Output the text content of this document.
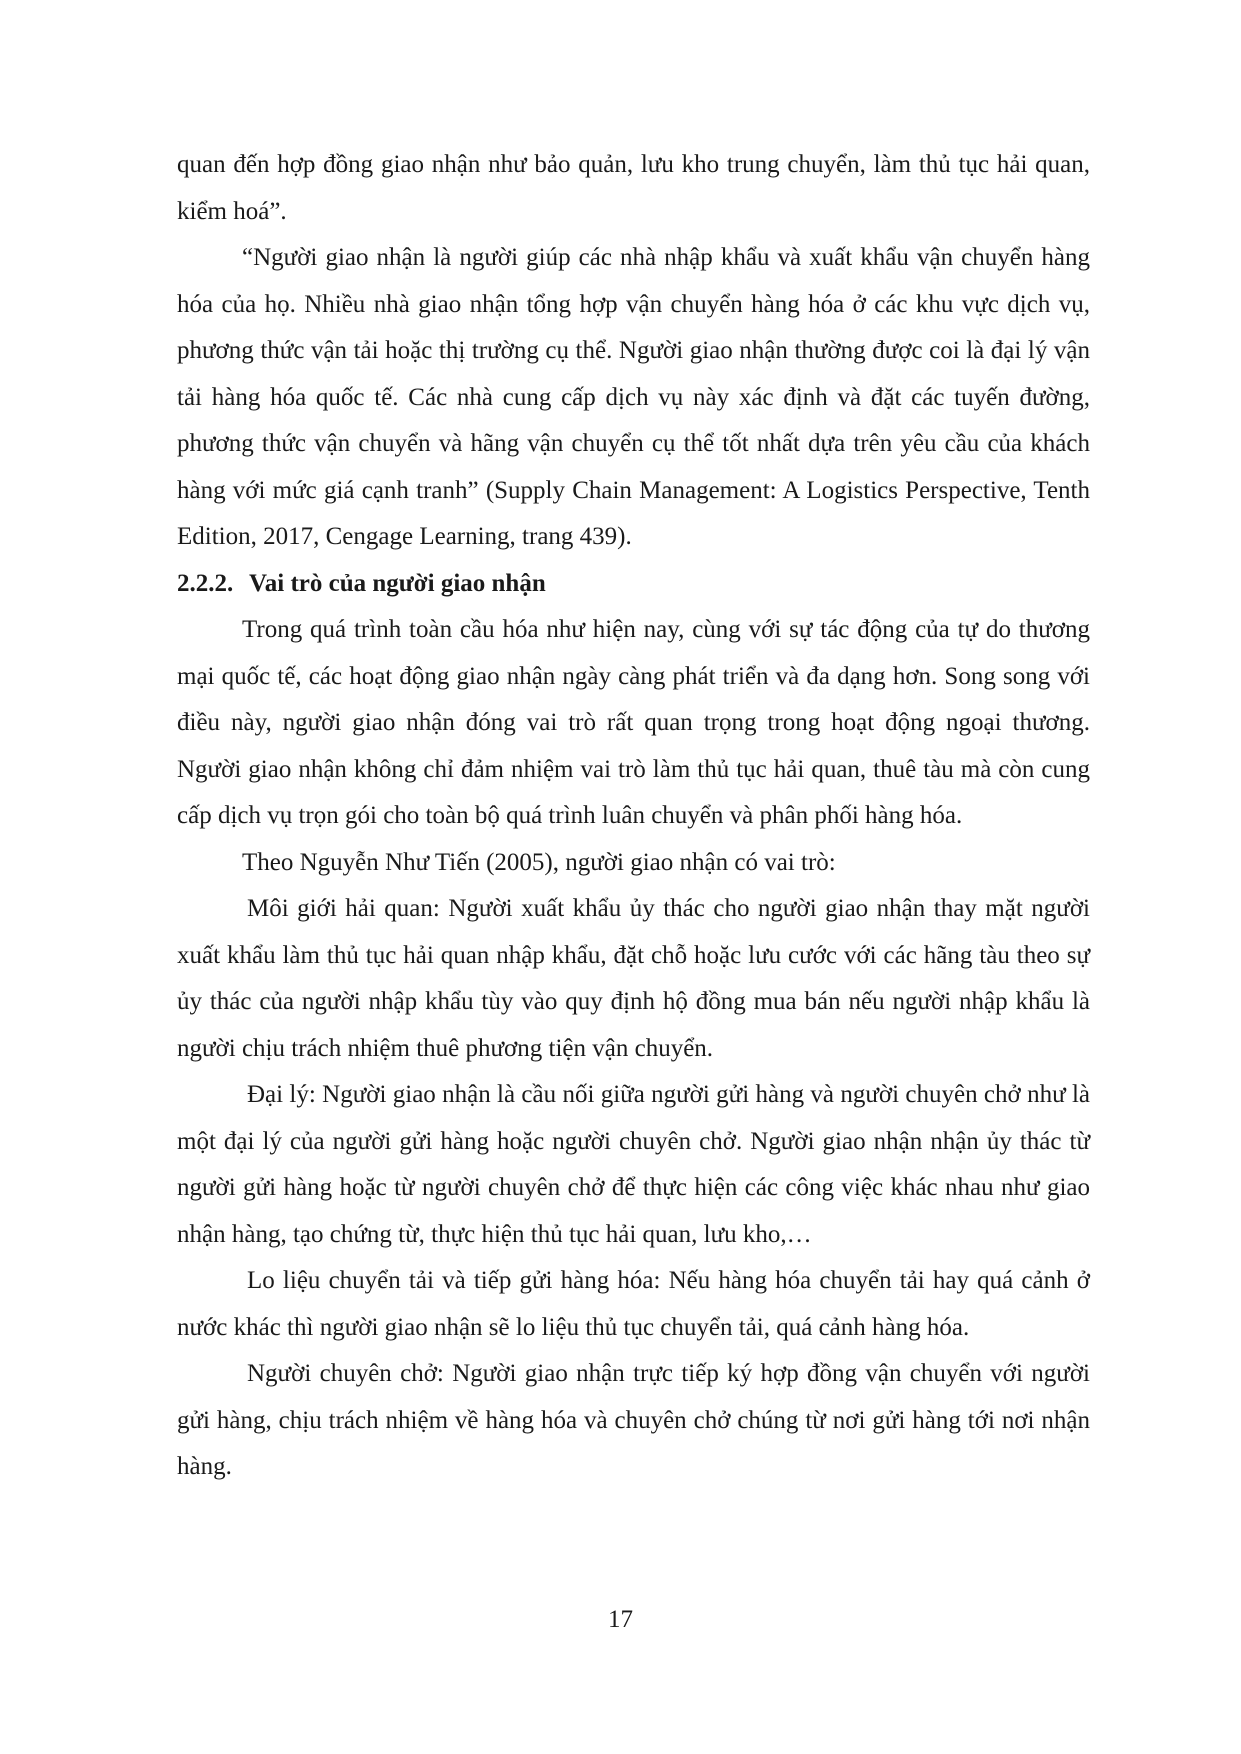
quan đến hợp đồng giao nhận như bảo quản, lưu kho trung chuyển, làm thủ tục hải quan, kiểm hoá”.

“Người giao nhận là người giúp các nhà nhập khẩu và xuất khẩu vận chuyển hàng hóa của họ. Nhiều nhà giao nhận tổng hợp vận chuyển hàng hóa ở các khu vực dịch vụ, phương thức vận tải hoặc thị trường cụ thể. Người giao nhận thường được coi là đại lý vận tải hàng hóa quốc tế. Các nhà cung cấp dịch vụ này xác định và đặt các tuyến đường, phương thức vận chuyển và hãng vận chuyển cụ thể tốt nhất dựa trên yêu cầu của khách hàng với mức giá cạnh tranh” (Supply Chain Management: A Logistics Perspective, Tenth Edition, 2017, Cengage Learning, trang 439).

2.2.2. Vai trò của người giao nhận

Trong quá trình toàn cầu hóa như hiện nay, cùng với sự tác động của tự do thương mại quốc tế, các hoạt động giao nhận ngày càng phát triển và đa dạng hơn. Song song với điều này, người giao nhận đóng vai trò rất quan trọng trong hoạt động ngoại thương. Người giao nhận không chỉ đảm nhiệm vai trò làm thủ tục hải quan, thuê tàu mà còn cung cấp dịch vụ trọn gói cho toàn bộ quá trình luân chuyển và phân phối hàng hóa.

Theo Nguyễn Như Tiến (2005), người giao nhận có vai trò:

Môi giới hải quan: Người xuất khẩu ủy thác cho người giao nhận thay mặt người xuất khẩu làm thủ tục hải quan nhập khẩu, đặt chỗ hoặc lưu cước với các hãng tàu theo sự ủy thác của người nhập khẩu tùy vào quy định hộ đồng mua bán nếu người nhập khẩu là người chịu trách nhiệm thuê phương tiện vận chuyển.

Đại lý: Người giao nhận là cầu nối giữa người gửi hàng và người chuyên chở như là một đại lý của người gửi hàng hoặc người chuyên chở. Người giao nhận nhận ủy thác từ người gửi hàng hoặc từ người chuyên chở để thực hiện các công việc khác nhau như giao nhận hàng, tạo chứng từ, thực hiện thủ tục hải quan, lưu kho,…

Lo liệu chuyển tải và tiếp gửi hàng hóa: Nếu hàng hóa chuyển tải hay quá cảnh ở nước khác thì người giao nhận sẽ lo liệu thủ tục chuyển tải, quá cảnh hàng hóa.

Người chuyên chở: Người giao nhận trực tiếp ký hợp đồng vận chuyển với người gửi hàng, chịu trách nhiệm về hàng hóa và chuyên chở chúng từ nơi gửi hàng tới nơi nhận hàng.

17
